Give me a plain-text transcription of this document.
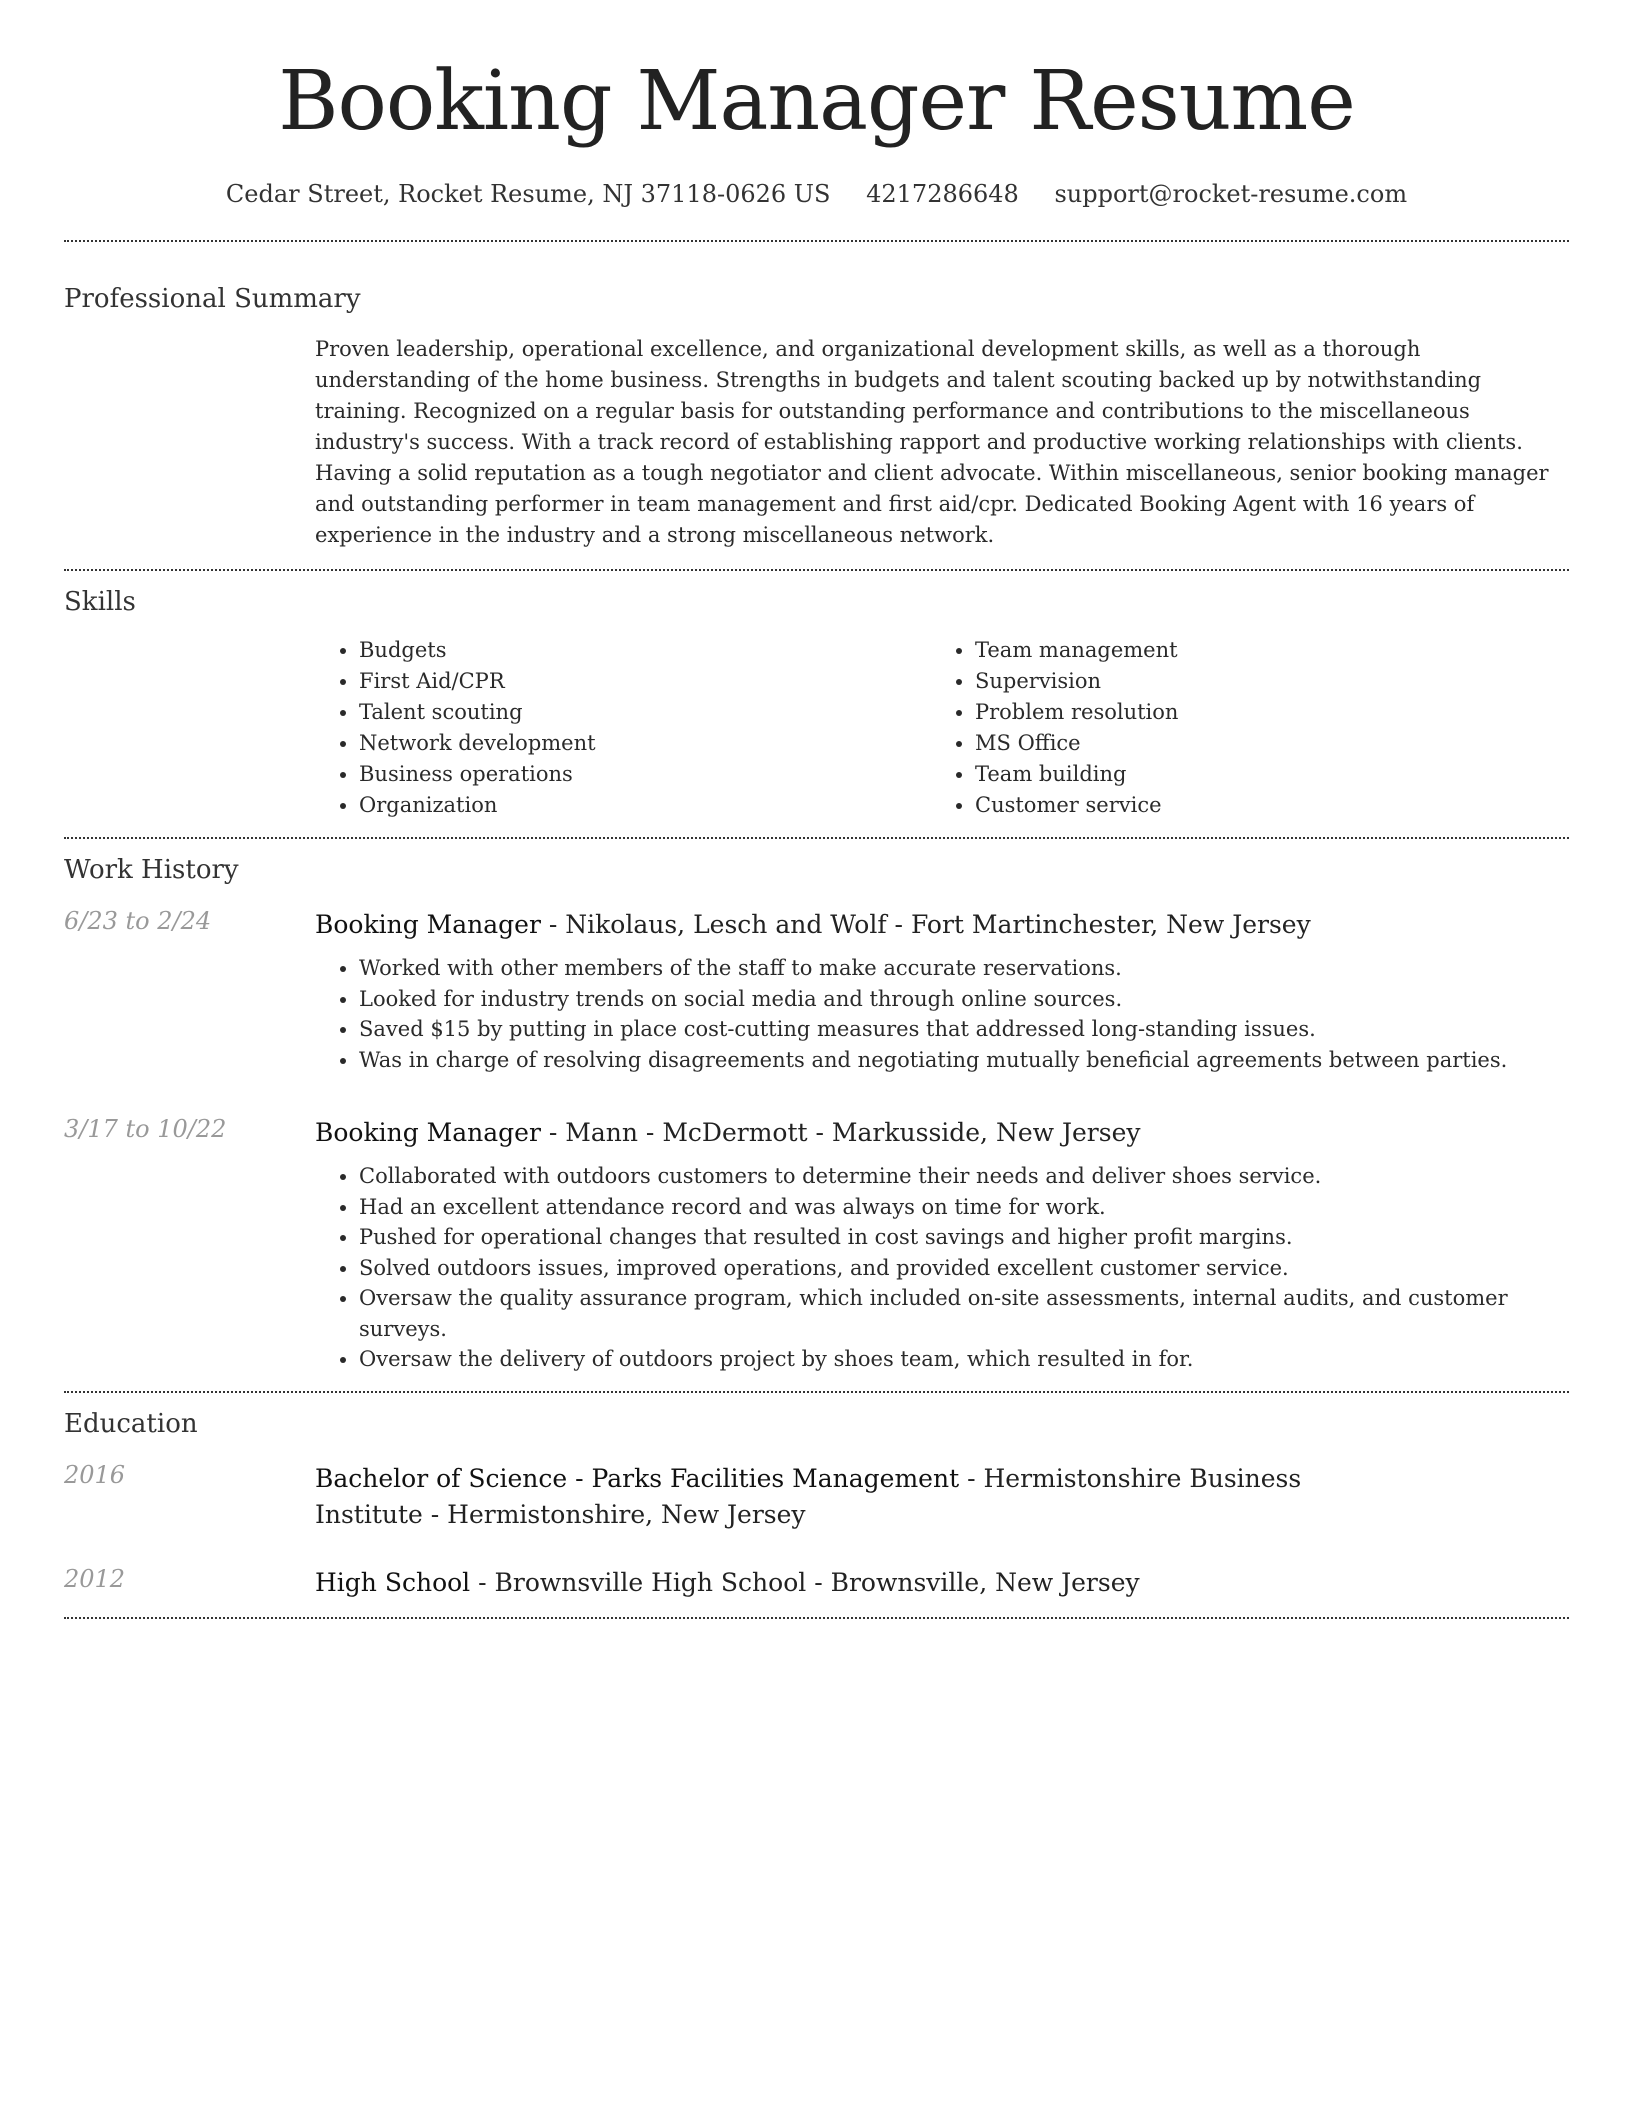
Booking Manager Resume
Cedar Street, Rocket Resume, NJ 37118-0626 US 4217286648 support@rocket-resume.com
Professional Summary
Proven leadership, operational excellence, and organizational development skills, as well as a thorough understanding of the home business. Strengths in budgets and talent scouting backed up by notwithstanding training. Recognized on a regular basis for outstanding performance and contributions to the miscellaneous industry's success. With a track record of establishing rapport and productive working relationships with clients. Having a solid reputation as a tough negotiator and client advocate. Within miscellaneous, senior booking manager and outstanding performer in team management and first aid/cpr. Dedicated Booking Agent with 16 years of experience in the industry and a strong miscellaneous network.
Skills
• Budgets
• First Aid/CPR
• Talent scouting
• Network development
• Business operations
• Organization
• Team management
• Supervision
• Problem resolution
• MS Office
• Team building
• Customer service
Work History
6/23 to 2/24	Booking Manager - Nikolaus, Lesch and Wolf - Fort Martinchester, New Jersey
• Worked with other members of the staff to make accurate reservations.
• Looked for industry trends on social media and through online sources.
• Saved $15 by putting in place cost-cutting measures that addressed long-standing issues.
• Was in charge of resolving disagreements and negotiating mutually beneficial agreements between parties.
3/17 to 10/22	Booking Manager - Mann - McDermott - Markusside, New Jersey
• Collaborated with outdoors customers to determine their needs and deliver shoes service.
• Had an excellent attendance record and was always on time for work.
• Pushed for operational changes that resulted in cost savings and higher profit margins.
• Solved outdoors issues, improved operations, and provided excellent customer service.
• Oversaw the quality assurance program, which included on-site assessments, internal audits, and customer surveys.
• Oversaw the delivery of outdoors project by shoes team, which resulted in for.
Education
2016	Bachelor of Science - Parks Facilities Management - Hermistonshire Business Institute - Hermistonshire, New Jersey
2012	High School - Brownsville High School - Brownsville, New Jersey
